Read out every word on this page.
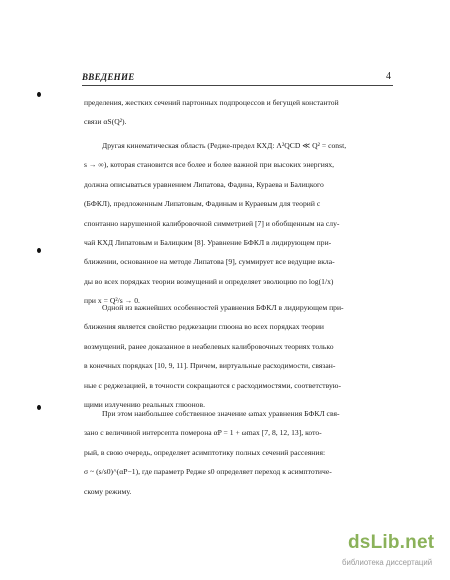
ВВЕДЕНИЕ	4
пределения, жестких сечений партонных подпроцессов и бегущей константой
связи αS(Q²).
Другая кинематическая область (Редже-предел КХД: Λ²QCD ≪ Q² = const,
s → ∞), которая становится все более и более важной при высоких энергиях,
должна описываться уравнением Липатова, Фадина, Кураева и Балицкого
(БФКЛ), предложенным Липатовым, Фадиным и Кураевым для теорий с
спонтанно нарушенной калибровочной симметрией [7] и обобщенным на слу-
чай КХД Липатовым и Балицким [8]. Уравнение БФКЛ в лидирующем при-
ближении, основанное на методе Липатова [9], суммирует все ведущие вкла-
ды во всех порядках теории возмущений и определяет эволюцию по log(1/x)
при x = Q²/s → 0.
Одной из важнейших особенностей уравнения БФКЛ в лидирующем при-
ближения является свойство реджезации глюона во всех порядках теории
возмущений, ранее доказанное в неабелевых калибровочных теориях только
в конечных порядках [10, 9, 11]. Причем, виртуальные расходимости, связан-
ные с реджезацией, в точности сокращаются с расходимостями, соответствую-
щими излучению реальных глюонов.
При этом наибольшее собственное значение ωmax уравнения БФКЛ свя-
зано с величиной интерсепта померона αP = 1 + ωmax [7, 8, 12, 13], кото-
рый, в свою очередь, определяет асимптотику полных сечений рассеяния:
σ ~ (s/s0)^(αP−1), где параметр Редже s0 определяет переход к асимптотиче-
скому режиму.
dsLib.net
библиотека диссертаций
